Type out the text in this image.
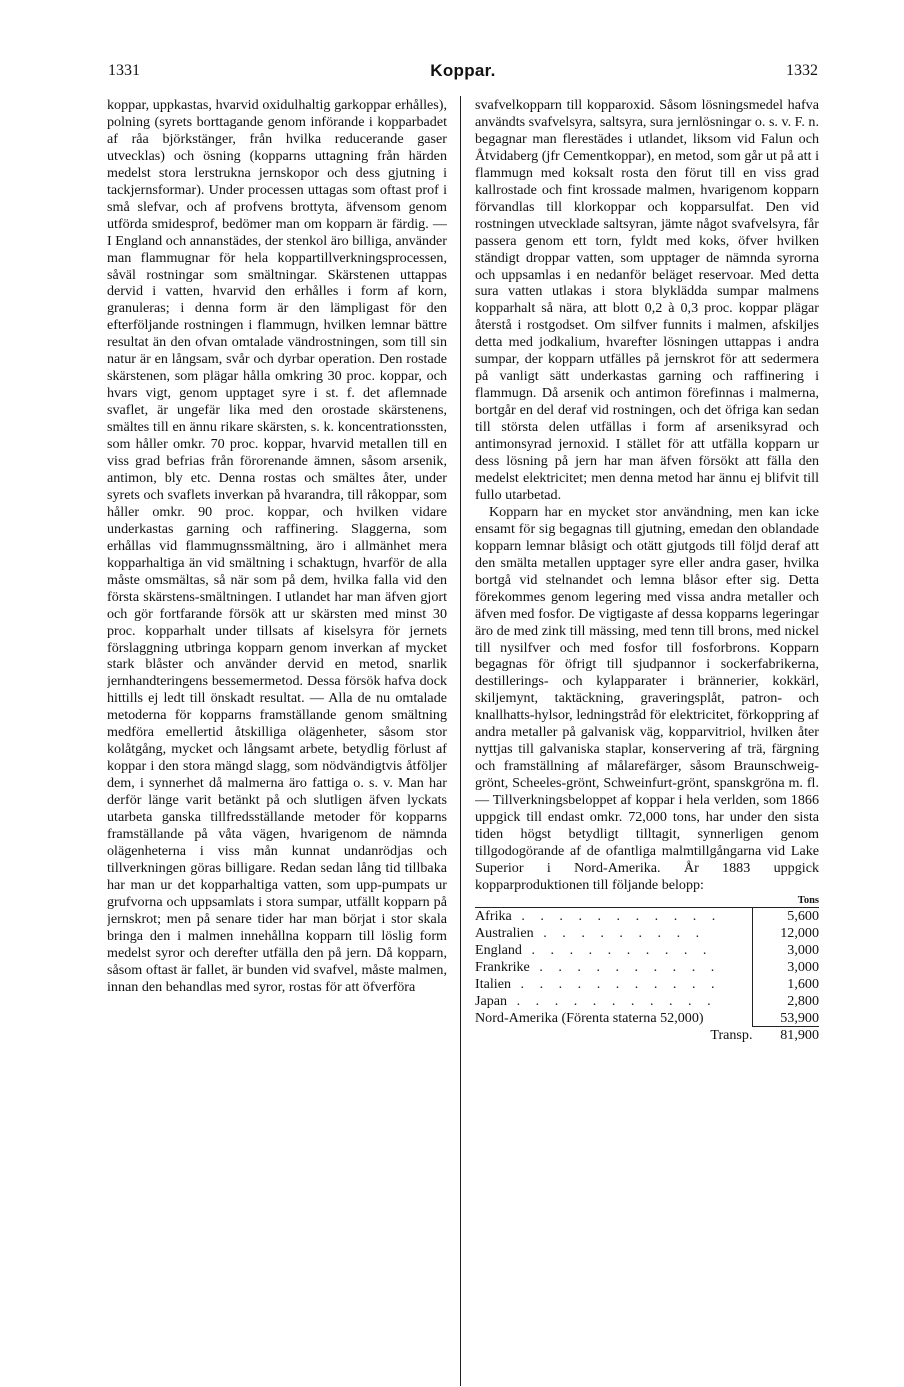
1331	Koppar.	1332

koppar, uppkastas, hvarvid oxidulhaltig garkoppar erhålles), polning (syrets borttagande genom införande i kopparbadet af råa björkstänger, från hvilka reducerande gaser utvecklas) och ösning (kopparns uttagning från härden medelst stora lerstrukna jernskopor och dess gjutning i tackjernsformar). Under processen uttagas som oftast prof i små slefvar, och af profvens brottyta, äfvensom genom utförda smidesprof, bedömer man om kopparn är färdig. — I England och annanstädes, der stenkol äro billiga, använder man flammugnar för hela koppartillverkningsprocessen, såväl rostningar som smältningar. Skärstenen uttappas dervid i vatten, hvarvid den erhålles i form af korn, granuleras; i denna form är den lämpligast för den efterföljande rostningen i flammugn, hvilken lemnar bättre resultat än den ofvan omtalade vändrostningen, som till sin natur är en långsam, svår och dyrbar operation. Den rostade skärstenen, som plägar hålla omkring 30 proc. koppar, och hvars vigt, genom upptaget syre i st. f. det aflemnade svaflet, är ungefär lika med den orostade skärstenens, smältes till en ännu rikare skärsten, s. k. koncentrationssten, som håller omkr. 70 proc. koppar, hvarvid metallen till en viss grad befrias från förorenande ämnen, såsom arsenik, antimon, bly etc. Denna rostas och smältes åter, under syrets och svaflets inverkan på hvarandra, till råkoppar, som håller omkr. 90 proc. koppar, och hvilken vidare underkastas garning och raffinering. Slaggerna, som erhållas vid flammugnssmältning, äro i allmänhet mera kopparhaltiga än vid smältning i schaktugn, hvarför de alla måste omsmältas, så när som på dem, hvilka falla vid den första skärstens-smältningen. I utlandet har man äfven gjort och gör fortfarande försök att ur skärsten med minst 30 proc. kopparhalt under tillsats af kiselsyra för jernets förslaggning utbringa kopparn genom inverkan af mycket stark blåster och använder dervid en metod, snarlik jernhandteringens bessemermetod. Dessa försök hafva dock hittills ej ledt till önskadt resultat. — Alla de nu omtalade metoderna för kopparns framställande genom smältning medföra emellertid åtskilliga olägenheter, såsom stor kolåtgång, mycket och långsamt arbete, betydlig förlust af koppar i den stora mängd slagg, som nödvändigtvis åtföljer dem, i synnerhet då malmerna äro fattiga o. s. v. Man har derför länge varit betänkt på och slutligen äfven lyckats utarbeta ganska tillfredsställande metoder för kopparns framställande på våta vägen, hvarigenom de nämnda olägenheterna i viss mån kunnat undanrödjas och tillverkningen göras billigare. Redan sedan lång tid tillbaka har man ur det kopparhaltiga vatten, som upp-pumpats ur grufvorna och uppsamlats i stora sumpar, utfällt kopparn på jernskrot; men på senare tider har man börjat i stor skala bringa den i malmen innehållna kopparn till löslig form medelst syror och derefter utfälla den på jern. Då kopparn, såsom oftast är fallet, är bunden vid svafvel, måste malmen, innan den behandlas med syror, rostas för att öfverföra

svafvelkopparn till kopparoxid. Såsom lösningsmedel hafva användts svafvelsyra, saltsyra, sura jernlösningar o. s. v. F. n. begagnar man flerestädes i utlandet, liksom vid Falun och Åtvidaberg (jfr Cementkoppar), en metod, som går ut på att i flammugn med koksalt rosta den förut till en viss grad kallrostade och fint krossade malmen, hvarigenom kopparn förvandlas till klorkoppar och kopparsulfat. Den vid rostningen utvecklade saltsyran, jämte något svafvelsyra, får passera genom ett torn, fyldt med koks, öfver hvilken ständigt droppar vatten, som upptager de nämnda syrorna och uppsamlas i en nedanför beläget reservoar. Med detta sura vatten utlakas i stora blyklädda sumpar malmens kopparhalt så nära, att blott 0,2 à 0,3 proc. koppar plägar återstå i rostgodset. Om silfver funnits i malmen, afskiljes detta med jodkalium, hvarefter lösningen uttappas i andra sumpar, der kopparn utfälles på jernskrot för att sedermera på vanligt sätt underkastas garning och raffinering i flammugn. Då arsenik och antimon förefinnas i malmerna, bortgår en del deraf vid rostningen, och det öfriga kan sedan till största delen utfällas i form af arseniksyrad och antimonsyrad jernoxid. I stället för att utfälla kopparn ur dess lösning på jern har man äfven försökt att fälla den medelst elektricitet; men denna metod har ännu ej blifvit till fullo utarbetad.

Kopparn har en mycket stor användning, men kan icke ensamt för sig begagnas till gjutning, emedan den oblandade kopparn lemnar blåsigt och otätt gjutgods till följd deraf att den smälta metallen upptager syre eller andra gaser, hvilka bortgå vid stelnandet och lemna blåsor efter sig. Detta förekommes genom legering med vissa andra metaller och äfven med fosfor. De vigtigaste af dessa kopparns legeringar äro de med zink till mässing, med tenn till brons, med nickel till nysilfver och med fosfor till fosforbrons. Kopparn begagnas för öfrigt till sjudpannor i sockerfabrikerna, destillerings- och kylapparater i brännerier, kokkärl, skiljemynt, taktäckning, graveringsplåt, patron- och knallhatts-hylsor, ledningstråd för elektricitet, förkoppring af andra metaller på galvanisk väg, kopparvitriol, hvilken åter nyttjas till galvaniska staplar, konservering af trä, färgning och framställning af målarefärger, såsom Braunschweig-grönt, Scheeles-grönt, Schweinfurt-grönt, spanskgröna m. fl. — Tillverkningsbeloppet af koppar i hela verlden, som 1866 uppgick till endast omkr. 72,000 tons, har under den sista tiden högst betydligt tilltagit, synnerligen genom tillgodogörande af de ofantliga malmtillgångarna vid Lake Superior i Nord-Amerika. År 1883 uppgick kopparproduktionen till följande belopp:

	Tons
Afrika . . . . . . . . . . .	5,600
Australien . . . . . . . . .	12,000
England . . . . . . . . . .	3,000
Frankrike . . . . . . . . . .	3,000
Italien . . . . . . . . . . .	1,600
Japan . . . . . . . . . . .	2,800
Nord-Amerika (Förenta staterna 52,000)	53,900
Transp.	81,900
